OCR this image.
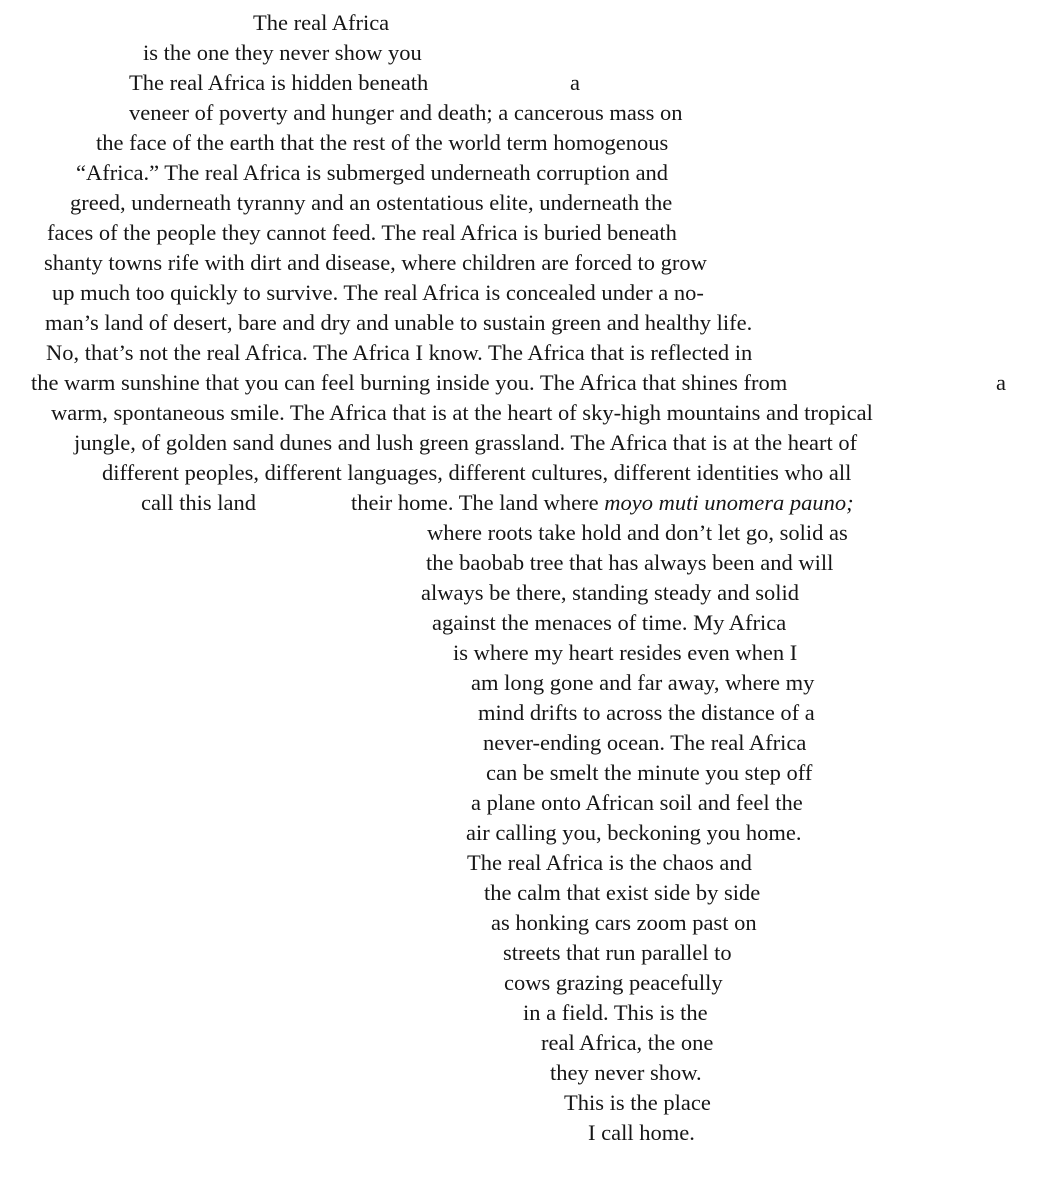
The real Africa
is the one they never show you
The real Africa is hidden beneath	a
veneer of poverty and hunger and death; a cancerous mass on
the face of the earth that the rest of the world term homogenous
“Africa.” The real Africa is submerged underneath corruption and
greed, underneath tyranny and an ostentatious elite, underneath the
faces of the people they cannot feed. The real Africa is buried beneath
shanty towns rife with dirt and disease, where children are forced to grow
up much too quickly to survive. The real Africa is concealed under a no-
man’s land of desert, bare and dry and unable to sustain green and healthy life.
No, that’s not the real Africa. The Africa I know. The Africa that is reflected in
the warm sunshine that you can feel burning inside you. The Africa that shines from	a
warm, spontaneous smile. The Africa that is at the heart of sky-high mountains and tropical
jungle, of golden sand dunes and lush green grassland. The Africa that is at the heart of
different peoples, different languages, different cultures, different identities who all
call this land	their home. The land where moyo muti unomera pauno;
where roots take hold and don’t let go, solid as
the baobab tree that has always been and will
always be there, standing steady and solid
against the menaces of time. My Africa
is where my heart resides even when I
am long gone and far away, where my
mind drifts to across the distance of a
never-ending ocean. The real Africa
can be smelt the minute you step off
a plane onto African soil and feel the
air calling you, beckoning you home.
The real Africa is the chaos and
the calm that exist side by side
as honking cars zoom past on
streets that run parallel to
cows grazing peacefully
in a field. This is the
real Africa, the one
they never show.
This is the place
I call home.
